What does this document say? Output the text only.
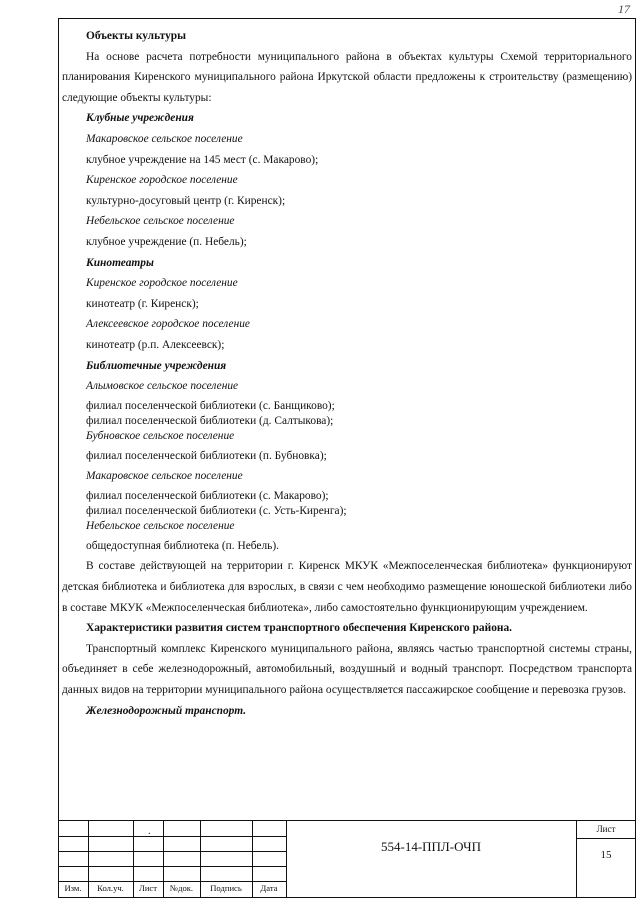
17

Объекты культуры

На основе расчета потребности муниципального района в объектах культуры Схемой территориального планирования Киренского муниципального района Иркутской области предложены к строительству (размещению) следующие объекты культуры:

Клубные учреждения

Макаровское сельское поселение

клубное учреждение на 145 мест (с. Макарово);

Киренское городское поселение

культурно-досуговый центр (г. Киренск);

Небельское сельское поселение

клубное учреждение (п. Небель);

Кинотеатры

Киренское городское поселение

кинотеатр (г. Киренск);

Алексеевское городское поселение

кинотеатр (р.п. Алексеевск);

Библиотечные учреждения

Алымовское сельское поселение

филиал поселенческой библиотеки (с. Банщиково);

филиал поселенческой библиотеки (д. Салтыкова);

Бубновское сельское поселение

филиал поселенческой библиотеки (п. Бубновка);

Макаровское сельское поселение

филиал поселенческой библиотеки (с. Макарово);

филиал поселенческой библиотеки (с. Усть-Киренга);

Небельское сельское поселение

общедоступная библиотека (п. Небель).

В составе действующей на территории г. Киренск МКУК «Межпоселенческая библиотека» функционируют детская библиотека и библиотека для взрослых, в связи с чем необходимо размещение юношеской библиотеки либо в составе МКУК «Межпоселенческая библиотека», либо самостоятельно функционирующим учреждением.

Характеристики развития систем транспортного обеспечения Киренского района.

Транспортный комплекс Киренского муниципального района, являясь частью транспортной системы страны, объединяет в себе железнодорожный, автомобильный, воздушный и водный транспорт. Посредством транспорта данных видов на территории муниципального района осуществляется пассажирское сообщение и перевозка грузов.

Железнодорожный транспорт.

.
Изм.	Кол.уч.	Лист	№док.	Подпись	Дата
554-14-ППЛ-ОЧП
Лист
15
